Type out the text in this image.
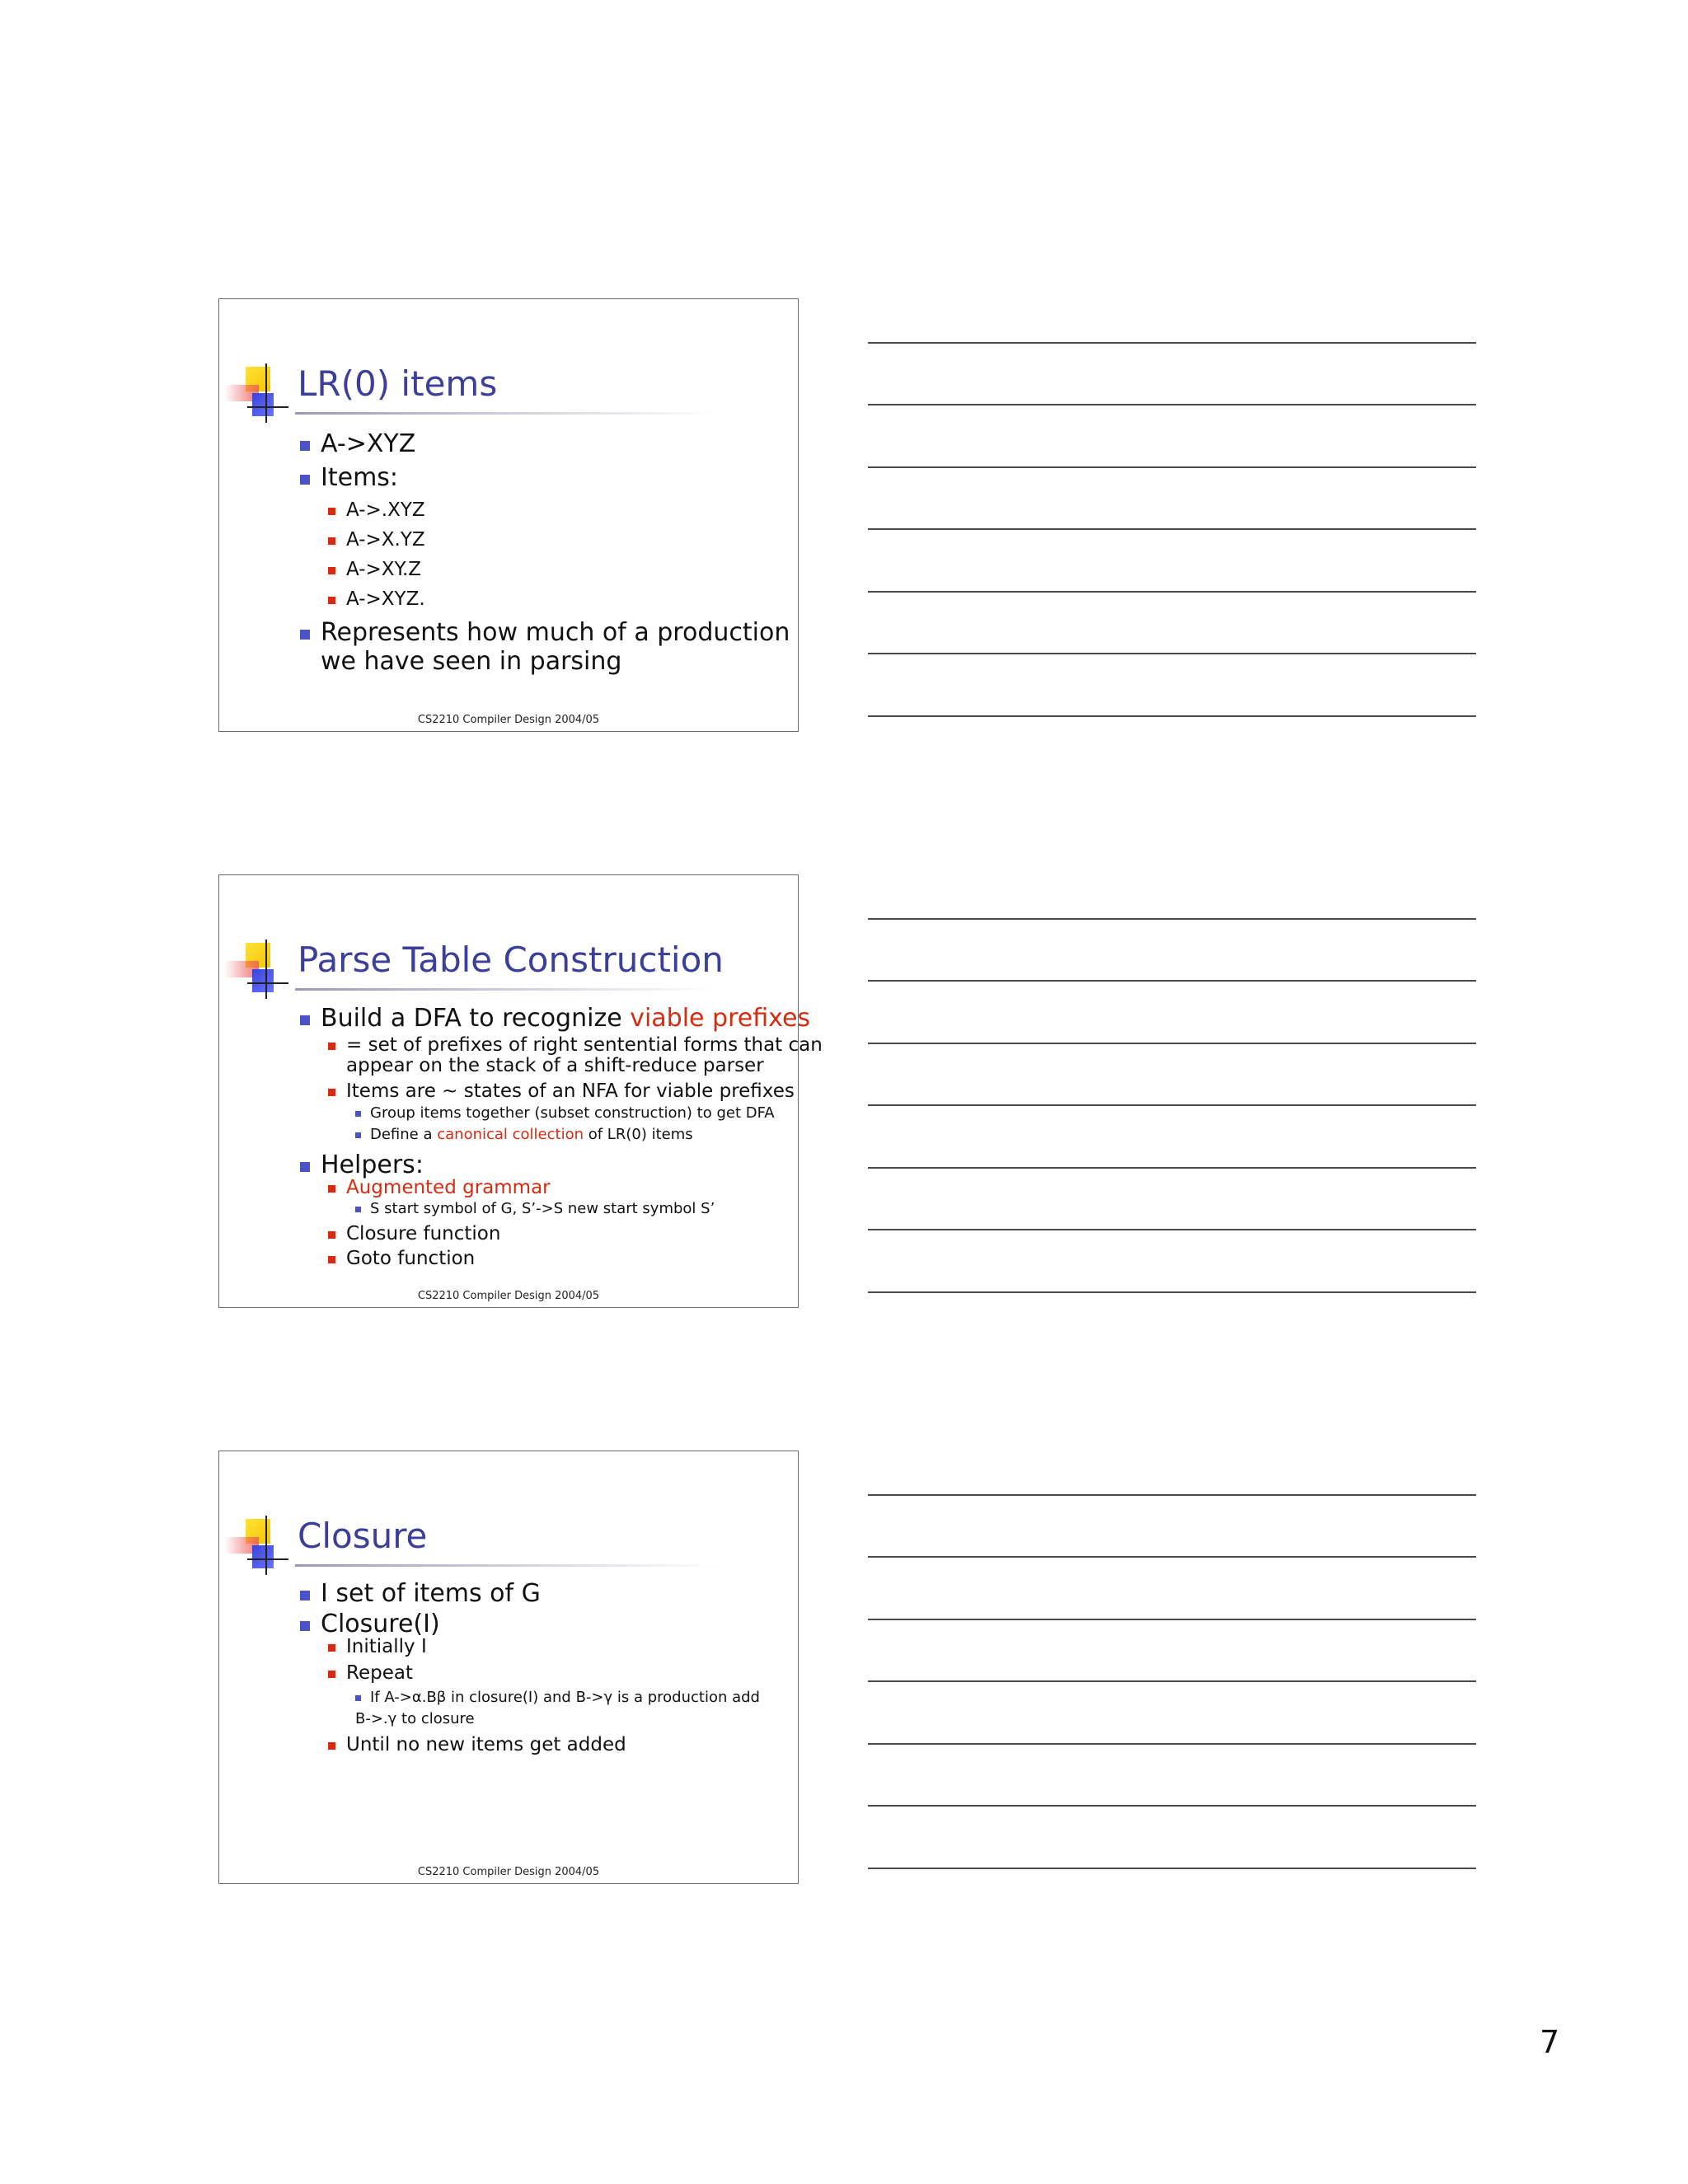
LR(0) items
A->XYZ
Items:
A->.XYZ
A->X.YZ
A->XY.Z
A->XYZ.
Represents how much of a production
we have seen in parsing
CS2210 Compiler Design 2004/05
Parse Table Construction
Build a DFA to recognize viable prefixes
= set of prefixes of right sentential forms that can
appear on the stack of a shift-reduce parser
Items are ~ states of an NFA for viable prefixes
Group items together (subset construction) to get DFA
Define a canonical collection of LR(0) items
Helpers:
Augmented grammar
S start symbol of G, S’->S new start symbol S’
Closure function
Goto function
CS2210 Compiler Design 2004/05
Closure
I set of items of G
Closure(I)
Initially I
Repeat
If A->α.Bβ in closure(I) and B->γ is a production add
B->.γ to closure
Until no new items get added
CS2210 Compiler Design 2004/05
7
